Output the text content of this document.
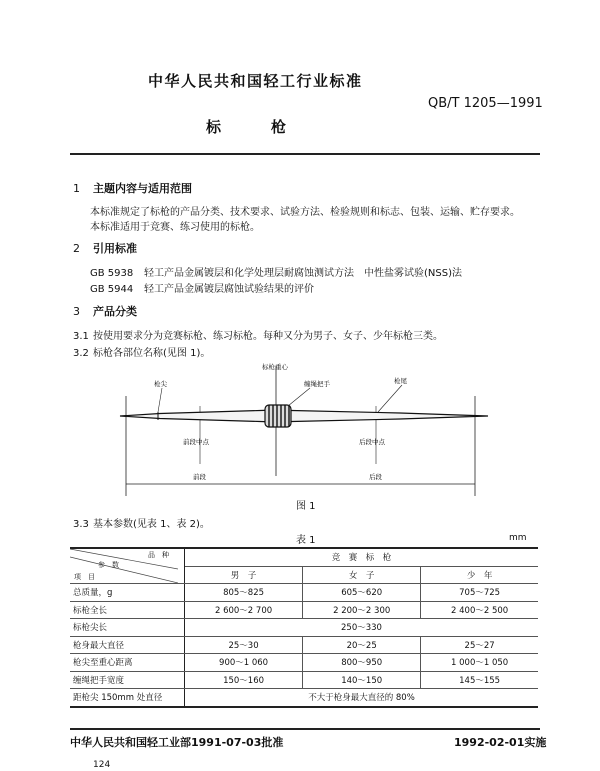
中华人民共和国轻工行业标准
QB/T 1205—1991
标枪
1 主题内容与适用范围
本标准规定了标枪的产品分类、技术要求、试验方法、检验规则和标志、包装、运输、贮存要求。
本标准适用于竞赛、练习使用的标枪。
2 引用标准
GB 5938 轻工产品金属镀层和化学处理层耐腐蚀测试方法　中性盐雾试验(NSS)法
GB 5944 轻工产品金属镀层腐蚀试验结果的评价
3 产品分类
3.1 按使用要求分为竞赛标枪、练习标枪。每种又分为男子、女子、少年标枪三类。
3.2 标枪各部位名称(见图 1)。
标枪重心
枪尖	缠绳把手	枪尾
前段中点	后段中点
前段	后段
图 1
3.3 基本参数(见表 1、表 2)。
表 1	mm
品　种
参　数
项　目	竞　赛　标　枪		
	男　子	女　子	少　年
总质量，g	805～825	605～620	705～725
标枪全长	2 600～2 700	2 200～2 300	2 400～2 500
标枪尖长	250～330		
枪身最大直径	25～30	20～25	25～27
枪尖至重心距离	900～1 060	800～950	1 000～1 050
缠绳把手宽度	150～160	140～150	145～155
距枪尖 150mm 处直径	不大于枪身最大直径的 80%		
中华人民共和国轻工业部1991-07-03批准	1992-02-01实施
124
